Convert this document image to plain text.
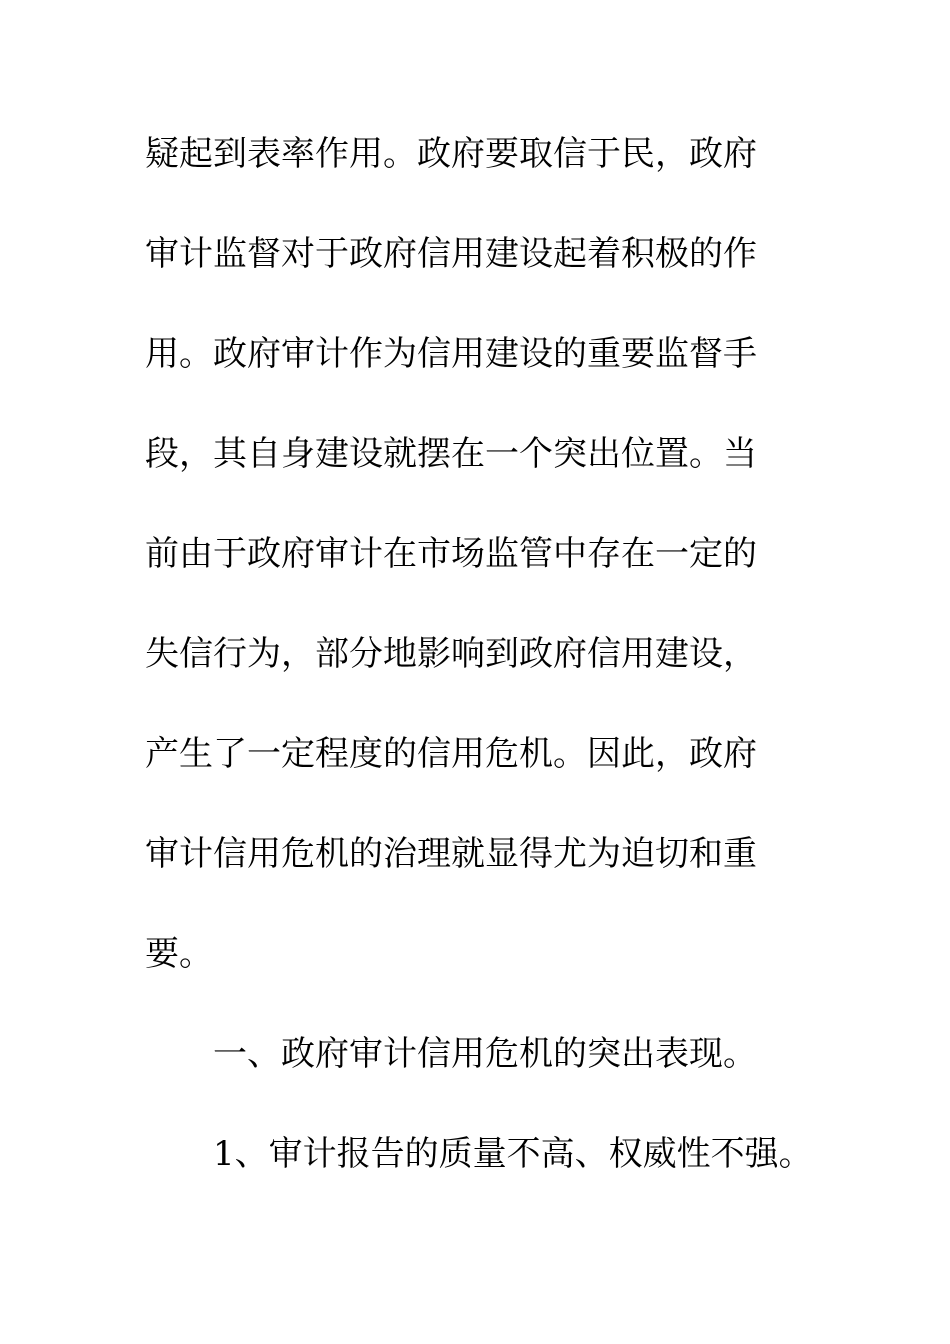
疑起到表率作用。政府要取信于民，政府
审计监督对于政府信用建设起着积极的作
用。政府审计作为信用建设的重要监督手
段，其自身建设就摆在一个突出位置。当
前由于政府审计在市场监管中存在一定的
失信行为，部分地影响到政府信用建设，
产生了一定程度的信用危机。因此，政府
审计信用危机的治理就显得尤为迫切和重
要。
一、政府审计信用危机的突出表现。
1、审计报告的质量不高、权威性不强。
